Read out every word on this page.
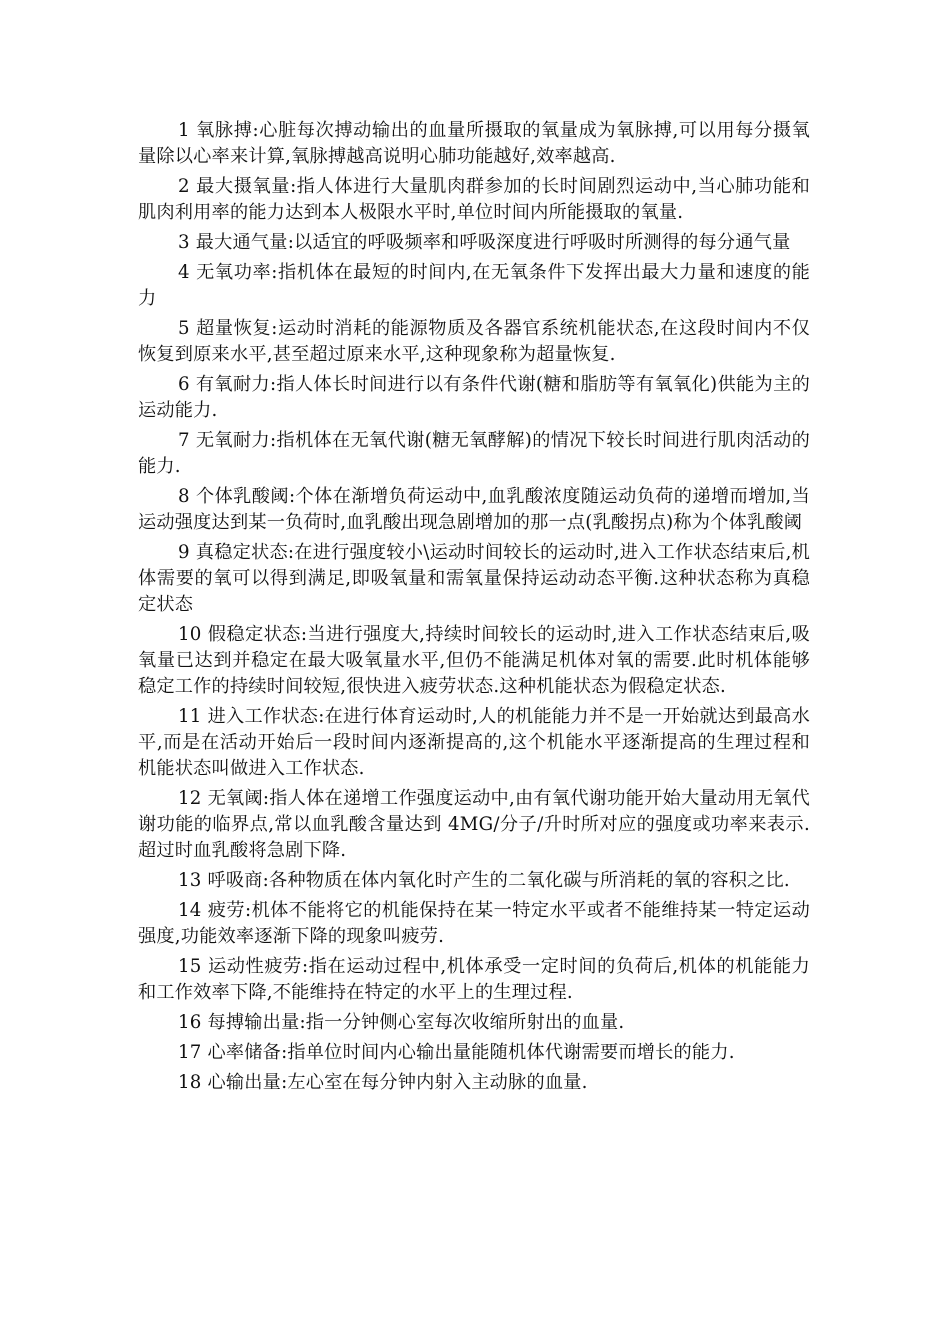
1 氧脉搏:心脏每次搏动输出的血量所摄取的氧量成为氧脉搏,可以用每分摄氧量除以心率来计算,氧脉搏越高说明心肺功能越好,效率越高.

2 最大摄氧量:指人体进行大量肌肉群参加的长时间剧烈运动中,当心肺功能和肌肉利用率的能力达到本人极限水平时,单位时间内所能摄取的氧量.

3 最大通气量:以适宜的呼吸频率和呼吸深度进行呼吸时所测得的每分通气量

4 无氧功率:指机体在最短的时间内,在无氧条件下发挥出最大力量和速度的能力

5 超量恢复:运动时消耗的能源物质及各器官系统机能状态,在这段时间内不仅恢复到原来水平,甚至超过原来水平,这种现象称为超量恢复.

6 有氧耐力:指人体长时间进行以有条件代谢(糖和脂肪等有氧氧化)供能为主的运动能力.

7 无氧耐力:指机体在无氧代谢(糖无氧酵解)的情况下较长时间进行肌肉活动的能力.

8 个体乳酸阈:个体在渐增负荷运动中,血乳酸浓度随运动负荷的递增而增加,当运动强度达到某一负荷时,血乳酸出现急剧增加的那一点(乳酸拐点)称为个体乳酸阈

9 真稳定状态:在进行强度较小\运动时间较长的运动时,进入工作状态结束后,机体需要的氧可以得到满足,即吸氧量和需氧量保持运动动态平衡.这种状态称为真稳定状态

10 假稳定状态:当进行强度大,持续时间较长的运动时,进入工作状态结束后,吸氧量已达到并稳定在最大吸氧量水平,但仍不能满足机体对氧的需要.此时机体能够稳定工作的持续时间较短,很快进入疲劳状态.这种机能状态为假稳定状态.

11 进入工作状态:在进行体育运动时,人的机能能力并不是一开始就达到最高水平,而是在活动开始后一段时间内逐渐提高的,这个机能水平逐渐提高的生理过程和机能状态叫做进入工作状态.

12 无氧阈:指人体在递增工作强度运动中,由有氧代谢功能开始大量动用无氧代谢功能的临界点,常以血乳酸含量达到 4MG/分子/升时所对应的强度或功率来表示.超过时血乳酸将急剧下降.

13 呼吸商:各种物质在体内氧化时产生的二氧化碳与所消耗的氧的容积之比.

14 疲劳:机体不能将它的机能保持在某一特定水平或者不能维持某一特定运动强度,功能效率逐渐下降的现象叫疲劳.

15 运动性疲劳:指在运动过程中,机体承受一定时间的负荷后,机体的机能能力和工作效率下降,不能维持在特定的水平上的生理过程.

16 每搏输出量:指一分钟侧心室每次收缩所射出的血量.

17 心率储备:指单位时间内心输出量能随机体代谢需要而增长的能力.

18 心输出量:左心室在每分钟内射入主动脉的血量.
